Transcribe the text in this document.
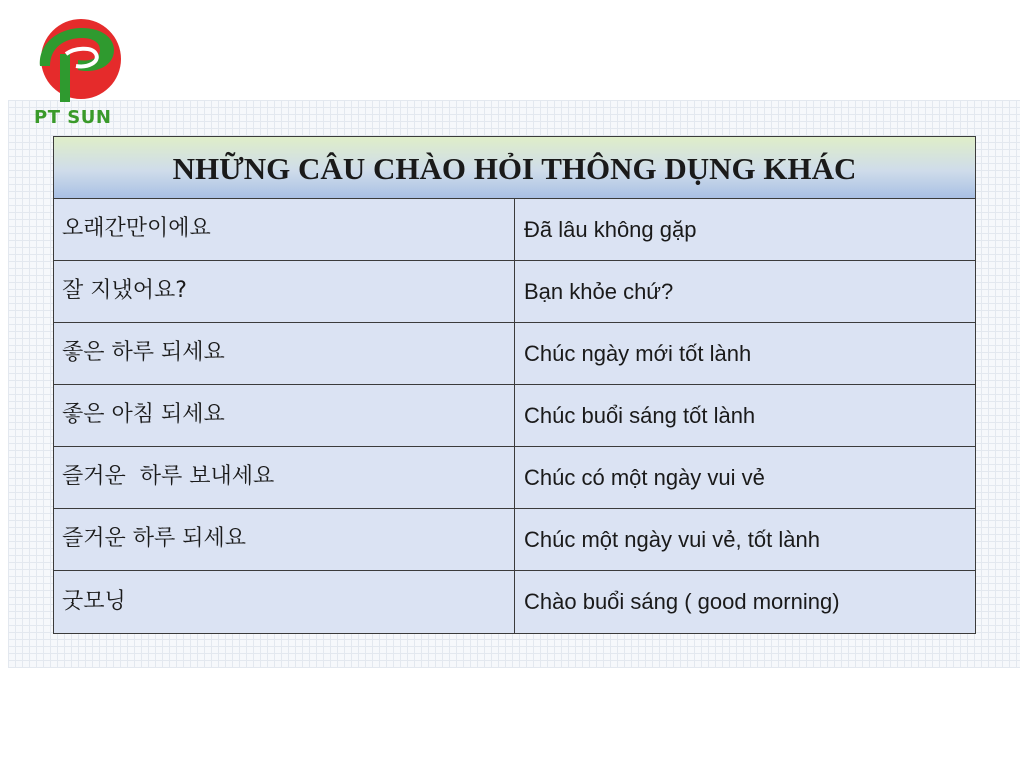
PT SUN
NHỮNG CÂU CHÀO HỎI THÔNG DỤNG KHÁC
오래간만이에요	Đã lâu không gặp
잘 지냈어요?	Bạn khỏe chứ?
좋은 하루 되세요	Chúc ngày mới tốt lành
좋은 아침 되세요	Chúc buổi sáng tốt lành
즐거운  하루 보내세요	Chúc có một ngày vui vẻ
즐거운 하루 되세요	Chúc một ngày vui vẻ, tốt lành
굿모닝	Chào buổi sáng ( good morning)
